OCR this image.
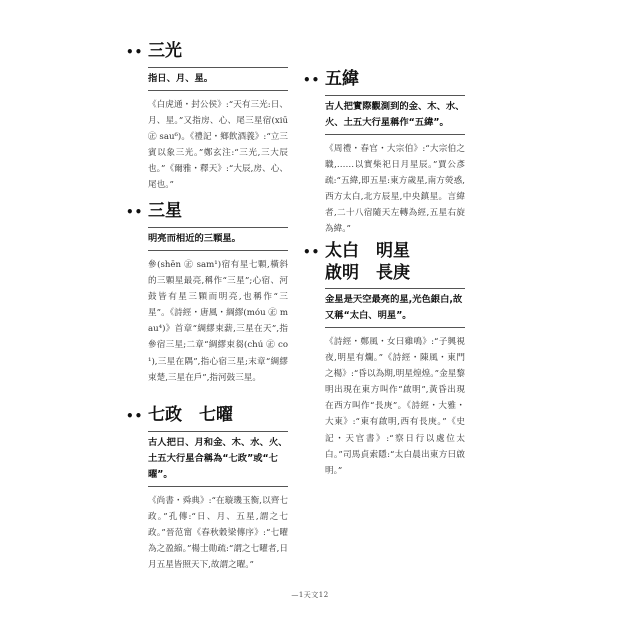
•• 三光
指日、月、星。
《白虎通・封公侯》:“天有三光:日、月、星。”又指房、心、尾三星宿(xiū ㊣ sau⁶)。《禮記・鄉飲酒義》:“立三賓以象三光。”鄭玄注:“三光,三大辰也。”《爾雅・釋天》:“大辰,房、心、尾也。”
•• 三星
明亮而相近的三顆星。
參(shēn ㊣ sam¹)宿有星七顆,橫斜的三顆星最亮,稱作“三星”;心宿、河鼓皆有星三顆而明亮,也稱作“三星”。《詩經・唐風・綢繆(móu ㊣ mau⁴)》首章“綢繆束薪,三星在天”,指參宿三星;二章“綢繆束芻(chú ㊣ co¹),三星在隅”,指心宿三星;末章“綢繆束楚,三星在戶”,指河鼓三星。
•• 七政　七曜
古人把日、月和金、木、水、火、土五大行星合稱為“七政”或“七曜”。
《尚書・舜典》:“在璇璣玉衡,以齊七政。”孔傳:“日、月、五星,謂之七政。”晉范甯《春秋穀梁傳序》:“七曜為之盈縮。”楊士勛疏:“謂之七曜者,日月五星皆照天下,故謂之曜。”
•• 五緯
古人把實際觀測到的金、木、水、火、土五大行星稱作“五緯”。
《周禮・春官・大宗伯》:“大宗伯之職,……以實柴祀日月星辰。”賈公彥疏:“五緯,即五星:東方歲星,南方熒惑,西方太白,北方辰星,中央鎮星。言緯者,二十八宿隨天左轉為經,五星右旋為緯。”
•• 太白　明星
啟明　長庚
金星是天空最亮的星,光色銀白,故又稱“太白、明星”。
《詩經・鄭風・女曰雞鳴》:“子興視夜,明星有爛。”《詩經・陳風・東門之楊》:“昏以為期,明星煌煌。”金星黎明出現在東方叫作“啟明”,黃昏出現在西方叫作“長庚”。《詩經・大雅・大東》:“東有啟明,西有長庚。”《史記・天官書》:“察日行以處位太白。”司馬貞索隱:“太白晨出東方曰啟明。”
—1天文12
